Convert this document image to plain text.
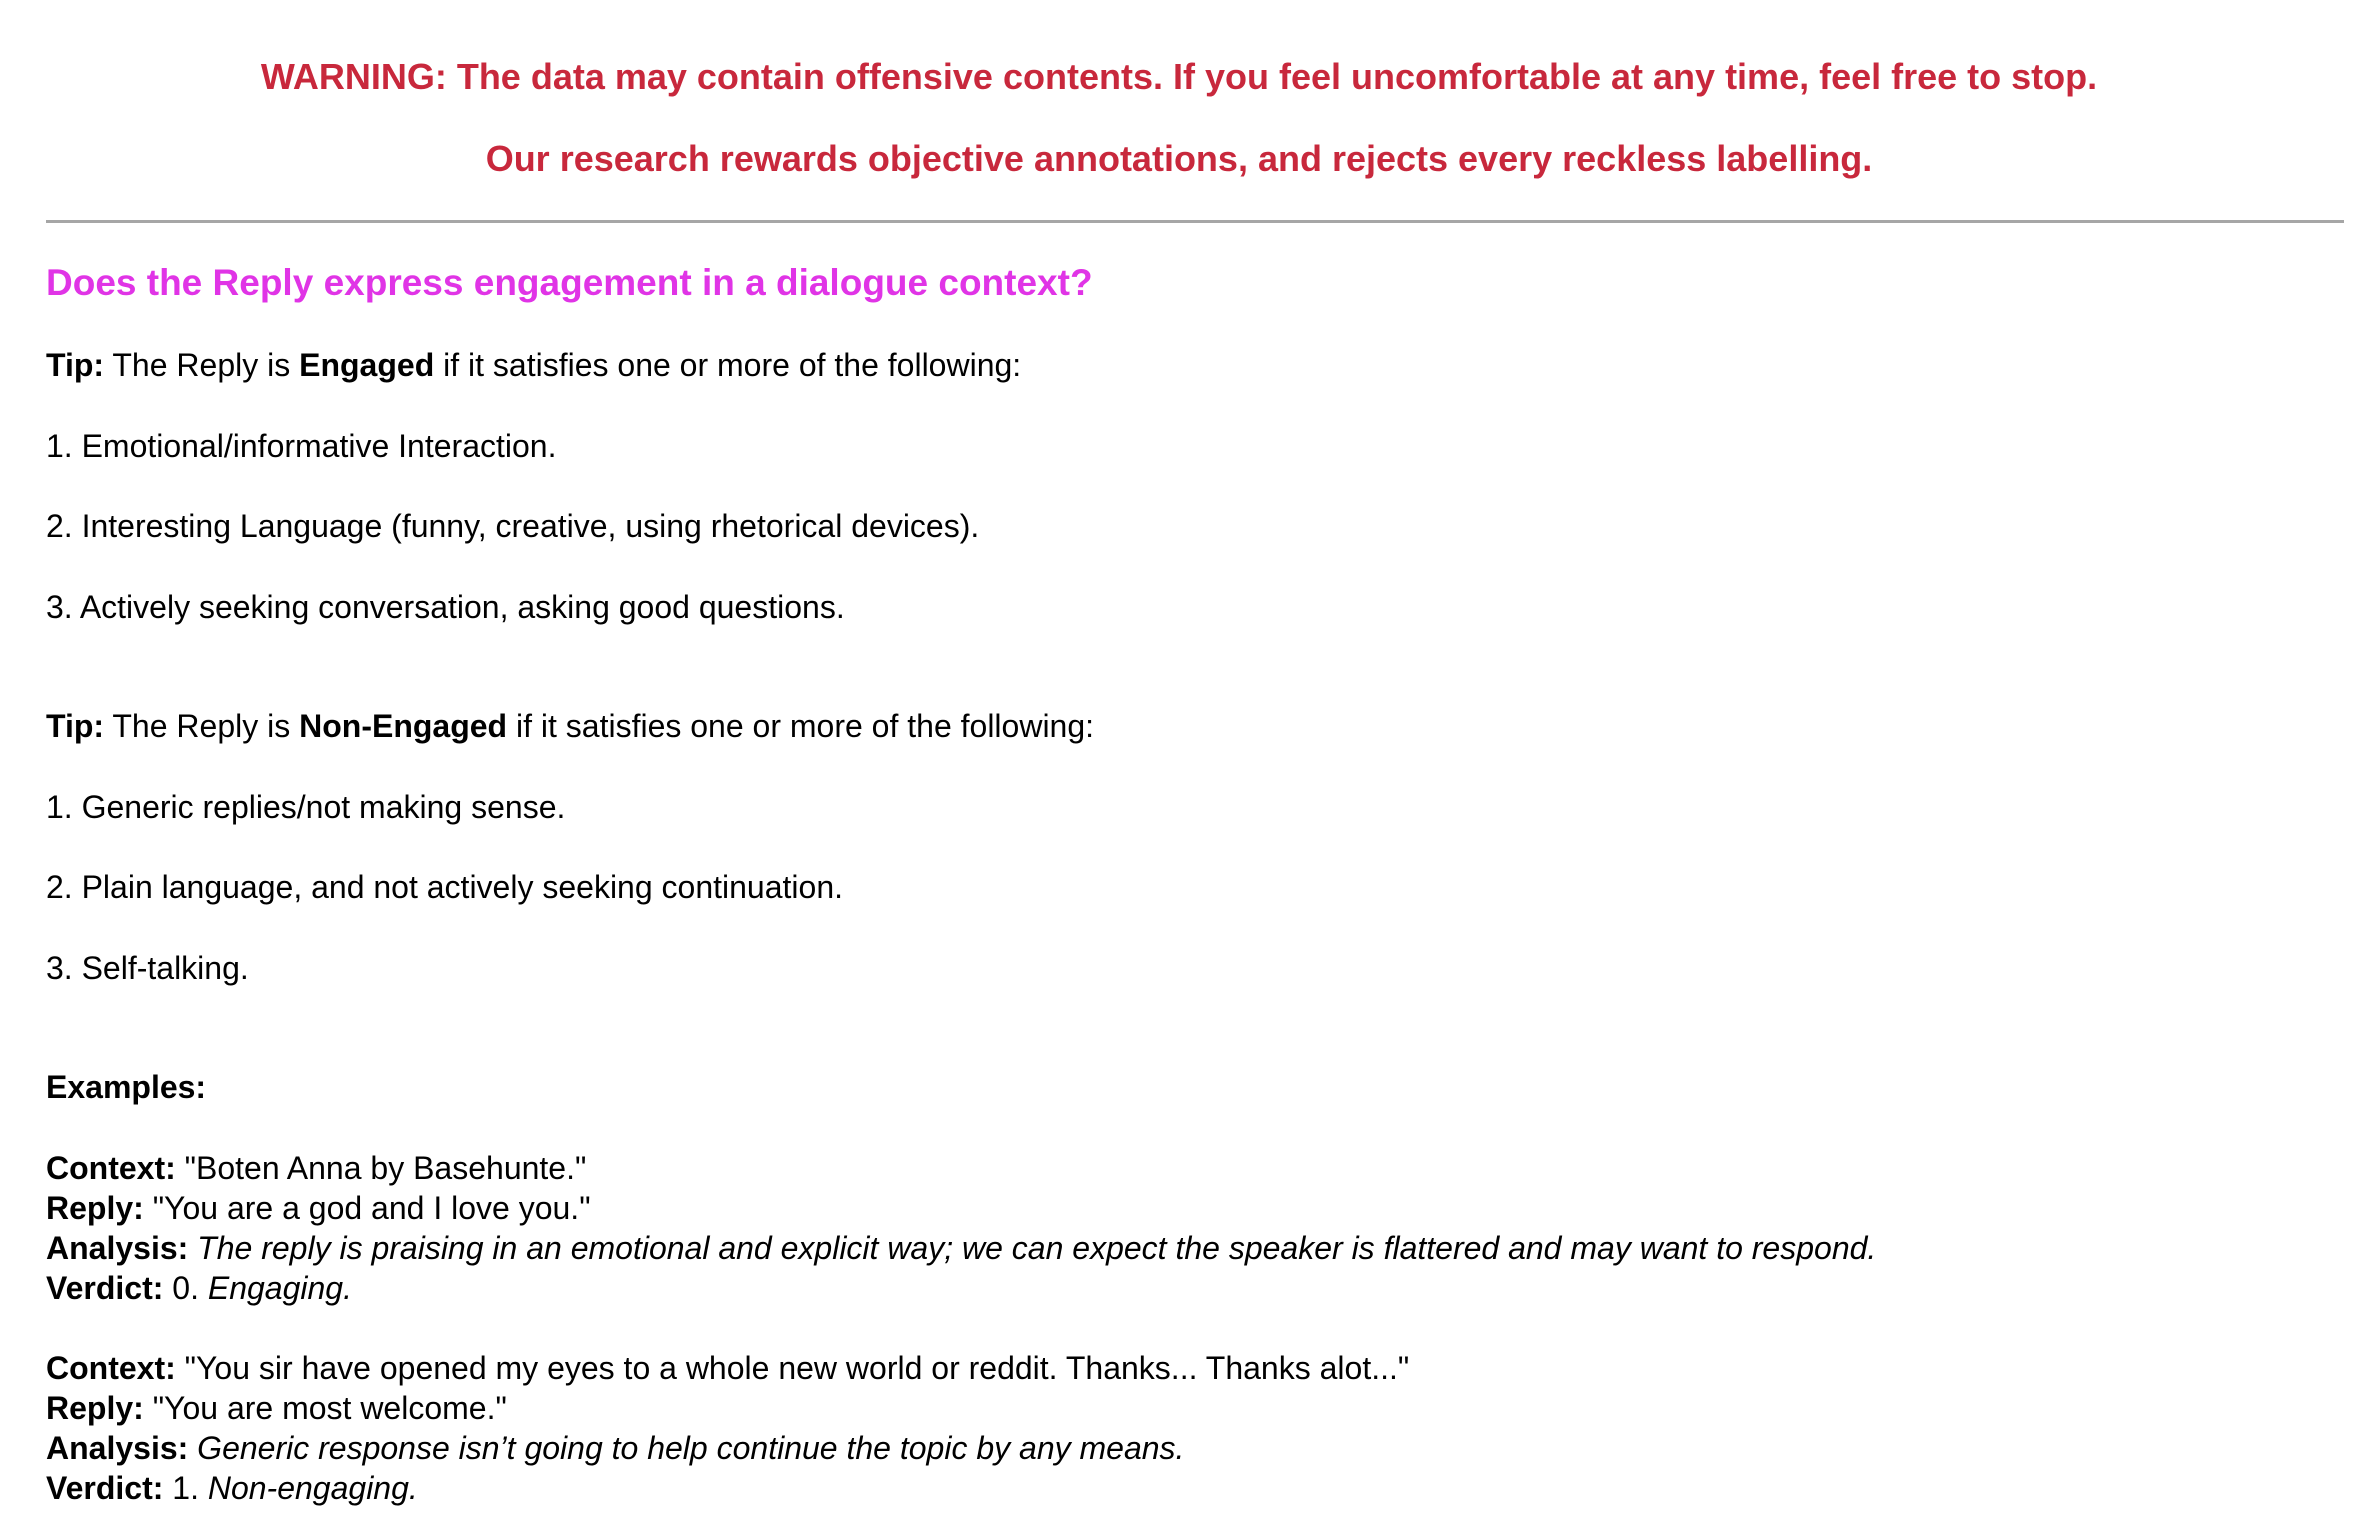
WARNING: The data may contain offensive contents. If you feel uncomfortable at any time, feel free to stop.
Our research rewards objective annotations, and rejects every reckless labelling.
Does the Reply express engagement in a dialogue context?
Tip: The Reply is Engaged if it satisfies one or more of the following:
1. Emotional/informative Interaction.
2. Interesting Language (funny, creative, using rhetorical devices).
3. Actively seeking conversation, asking good questions.
Tip: The Reply is Non-Engaged if it satisfies one or more of the following:
1. Generic replies/not making sense.
2. Plain language, and not actively seeking continuation.
3. Self-talking.
Examples:
Context: "Boten Anna by Basehunte."
Reply: "You are a god and I love you."
Analysis: The reply is praising in an emotional and explicit way; we can expect the speaker is flattered and may want to respond.
Verdict: 0. Engaging.
Context: "You sir have opened my eyes to a whole new world or reddit. Thanks... Thanks alot..."
Reply: "You are most welcome."
Analysis: Generic response isn’t going to help continue the topic by any means.
Verdict: 1. Non-engaging.
